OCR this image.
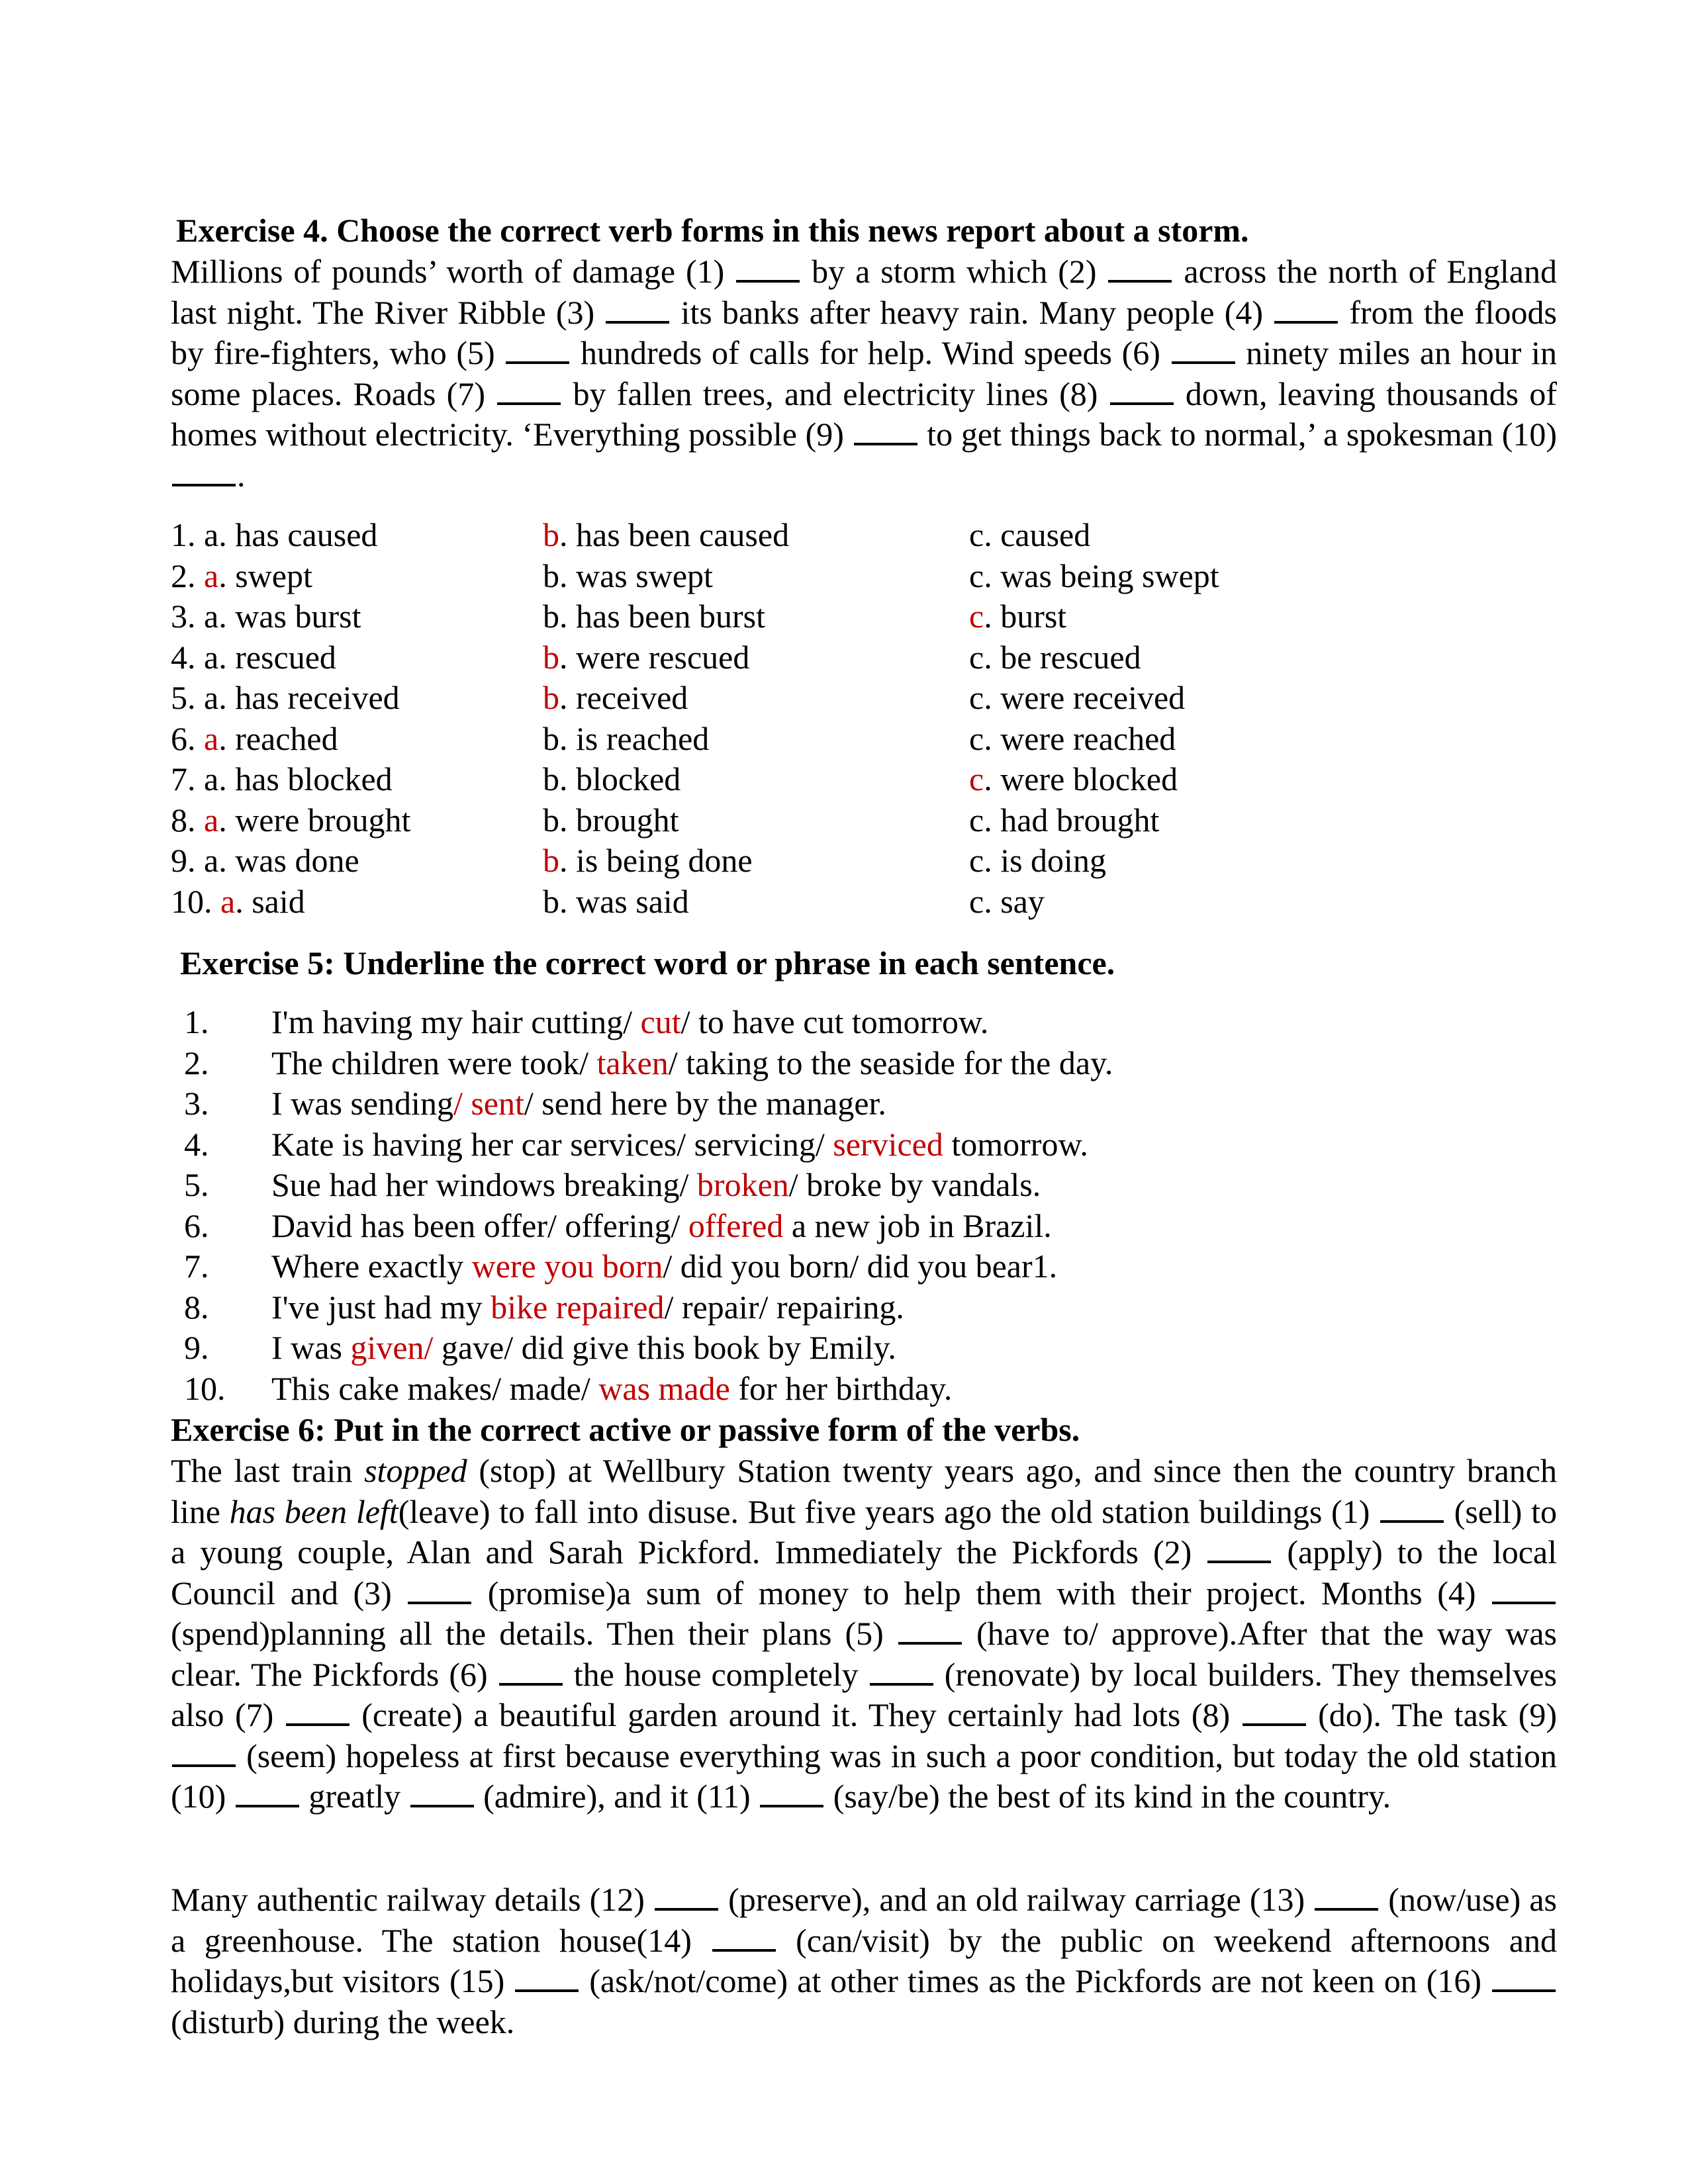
Exercise 4. Choose the correct verb forms in this news report about a storm.
Millions of pounds’ worth of damage (1)  by a storm which (2)  across the north of England last night. The River Ribble (3)  its banks after heavy rain. Many people (4)  from the floods by fire-fighters, who (5)  hundreds of calls for help. Wind speeds (6)  ninety miles an hour in some places. Roads (7)  by fallen trees, and electricity lines (8)  down, leaving thousands of homes without electricity. ‘Everything possible (9)  to get things back to normal,’ a spokesman (10) .
1. a. has caused	b. has been caused	c. caused
2. a. swept	b. was swept	c. was being swept
3. a. was burst	b. has been burst	c. burst
4. a. rescued	b. were rescued	c. be rescued
5. a. has received	b. received	c. were received
6. a. reached	b. is reached	c. were reached
7. a. has blocked	b. blocked	c. were blocked
8. a. were brought	b. brought	c. had brought
9. a. was done	b. is being done	c. is doing
10. a. said	b. was said	c. say
Exercise 5: Underline the correct word or phrase in each sentence.
1. I'm having my hair cutting/ cut/ to have cut tomorrow.
2. The children were took/ taken/ taking to the seaside for the day.
3. I was sending/ sent/ send here by the manager.
4. Kate is having her car services/ servicing/ serviced tomorrow.
5. Sue had her windows breaking/ broken/ broke by vandals.
6. David has been offer/ offering/ offered a new job in Brazil.
7. Where exactly were you born/ did you born/ did you bear1.
8. I've just had my bike repaired/ repair/ repairing.
9. I was given/ gave/ did give this book by Emily.
10. This cake makes/ made/ was made for her birthday.
Exercise 6: Put in the correct active or passive form of the verbs.
The last train stopped (stop) at Wellbury Station twenty years ago, and since then the country branch line has been left(leave) to fall into disuse. But five years ago the old station buildings (1)  (sell) to a young couple, Alan and Sarah Pickford. Immediately the Pickfords (2)  (apply) to the local Council and (3)  (promise)a sum of money to help them with their project. Months (4)  (spend)planning all the details. Then their plans (5)  (have to/ approve).After that the way was clear. The Pickfords (6)  the house completely  (renovate) by local builders. They themselves also (7)  (create) a beautiful garden around it. They certainly had lots (8)  (do). The task (9)  (seem) hopeless at first because everything was in such a poor condition, but today the old station (10)  greatly  (admire), and it (11)  (say/be) the best of its kind in the country.
Many authentic railway details (12)  (preserve), and an old railway carriage (13)  (now/use) as a greenhouse. The station house(14)  (can/visit) by the public on weekend afternoons and holidays,but visitors (15)  (ask/not/come) at other times as the Pickfords are not keen on (16)  (disturb) during the week.
